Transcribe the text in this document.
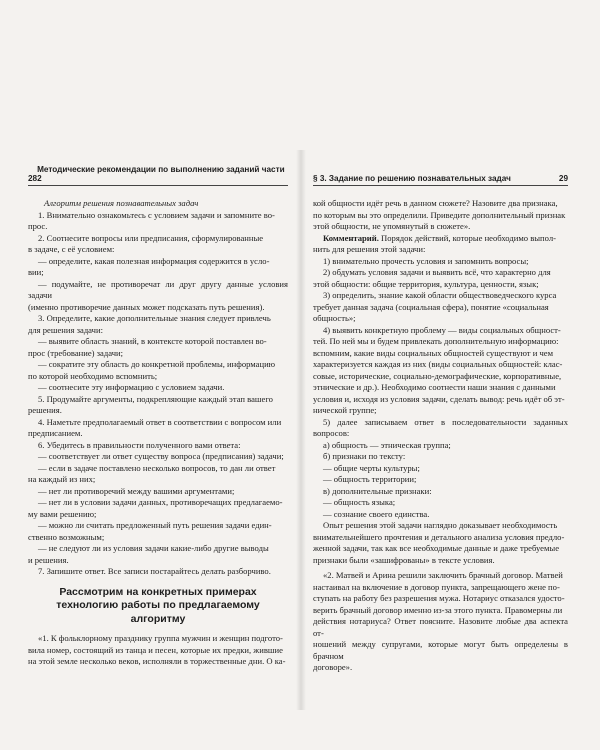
28
Методические рекомендации по выполнению заданий части 2	§ 3. Задание по решению познавательных задач	29

Алгоритм решения познавательных задач

1. Внимательно ознакомьтесь с условием задачи и запомните во-

прос.

2. Соотнесите вопросы или предписания, сформулированные

в задаче, с её условием:

— определите, какая полезная информация содержится в усло-

вии;

— подумайте, не противоречат ли друг другу данные условия задачи

(именно противоречие данных может подсказать путь решения).

3. Определите, какие дополнительные знания следует привлечь

для решения задачи:

— выявите область знаний, в контексте которой поставлен во-

прос (требование) задачи;

— сократите эту область до конкретной проблемы, информацию

по которой необходимо вспомнить;

— соотнесите эту информацию с условием задачи.

5. Продумайте аргументы, подкрепляющие каждый этап вашего

решения.

4. Наметьте предполагаемый ответ в соответствии с вопросом или

предписанием.

6. Убедитесь в правильности полученного вами ответа:

— соответствует ли ответ существу вопроса (предписания) задачи;

— если в задаче поставлено несколько вопросов, то дан ли ответ

на каждый из них;

— нет ли противоречий между вашими аргументами;

— нет ли в условии задачи данных, противоречащих предлагаемо-

му вами решению;

— можно ли считать предложенный путь решения задачи един-

ственно возможным;

— не следуют ли из условия задачи какие-либо другие выводы

и решения.

7. Запишите ответ. Все записи постарайтесь делать разборчиво.

Рассмотрим на конкретных примерах технологию работы по предлагаемому алгоритму

«1. К фольклорному празднику группа мужчин и женщин подгото-

вила номер, состоящий из танца и песен, которые их предки, жившие

на этой земле несколько веков, исполняли в торжественные дни. О ка-

кой общности идёт речь в данном сюжете? Назовите два признака,

по которым вы это определили. Приведите дополнительный признак

этой общности, не упомянутый в сюжете».

Комментарий. Порядок действий, которые необходимо выпол-

нить для решения этой задачи:

1) внимательно прочесть условия и запомнить вопросы;

2) обдумать условия задачи и выявить всё, что характерно для

этой общности: общие территория, культура, ценности, язык;

3) определить, знание какой области обществоведческого курса

требует данная задача (социальная сфера), понятие «социальная

общность»;

4) выявить конкретную проблему — виды социальных общност-

тей. По ней мы и будем привлекать дополнительную информацию:

вспомним, какие виды социальных общностей существуют и чем

характеризуется каждая из них (виды социальных общностей: клас-

совые, исторические, социально-демографические, корпоративные,

этнические и др.). Необходимо соотнести наши знания с данными

условия и, исходя из условия задачи, сделать вывод: речь идёт об эт-

нической группе;

5) далее записываем ответ в последовательности заданных вопросов:

а) общность — этническая группа;

б) признаки по тексту:

— общие черты культуры;

— общность территории;

в) дополнительные признаки:

— общность языка;

— сознание своего единства.

Опыт решения этой задачи наглядно доказывает необходимость

внимательнейшего прочтения и детального анализа условия предло-

женной задачи, так как все необходимые данные и даже требуемые

признаки были «зашифрованы» в тексте условия.

«2. Матвей и Арина решили заключить брачный договор. Матвей

настаивал на включение в договор пункта, запрещающего жене по-

ступать на работу без разрешения мужа. Нотариус отказался удосто-

верить брачный договор именно из-за этого пункта. Правомерны ли

действия нотариуса? Ответ поясните. Назовите любые два аспекта от-

ношений между супругами, которые могут быть определены в брачном

договоре».
